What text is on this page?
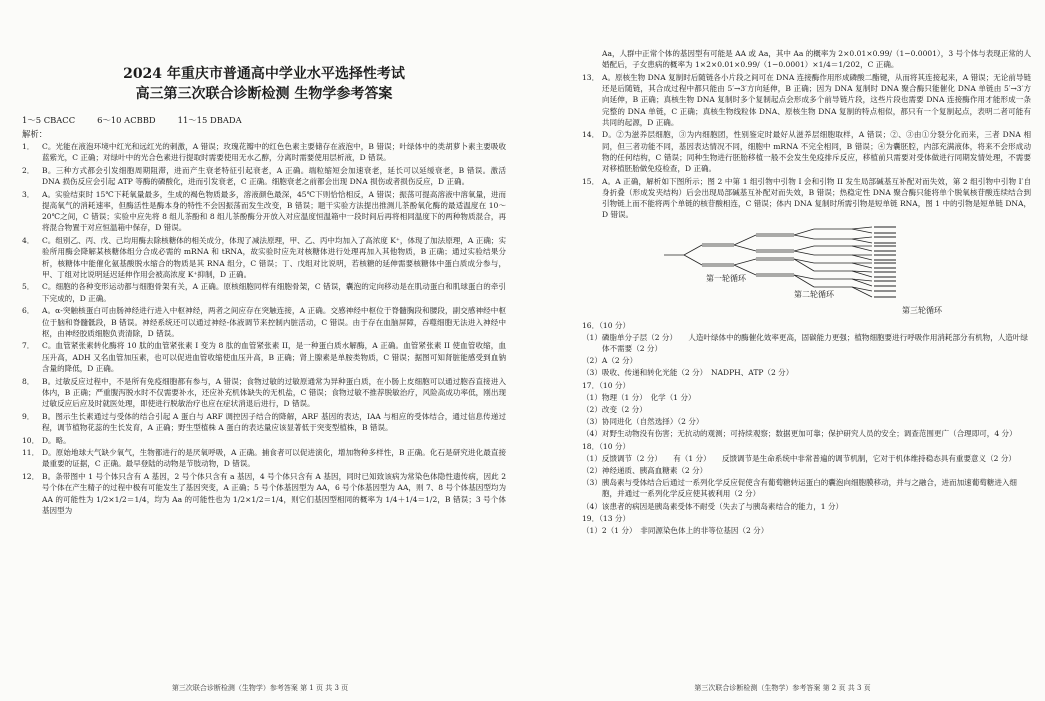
2024 年重庆市普通高中学业水平选择性考试

高三第三次联合诊断检测 生物学参考答案

1～5 CBACC	6～10 ACBBD	11～15 DBADA
解析：
1．	C。光能在液泡环境中红光和远红光的刺激，A 错误；玫瑰花瓣中的红色色素主要储存在液泡中，B 错误；叶绿体中的类胡萝卜素主要吸收蓝紫光，C 正确；对绿叶中的光合色素进行提取时需要使用无水乙醇，分离时需要使用层析液，D 错误。
2．	B。三种方式都会引发细胞周期阻滞，进而产生衰老特征引起衰老，A 正确。端粒缩短会加速衰老，延长可以延缓衰老，B 错误。激活 DNA 损伤反应会引起 ATP 等酶的磷酸化，进而引发衰老，C 正确。细胞衰老之前都会出现 DNA 损伤或者损伤反应，D 正确。
3．	A。实验结束时 15℃下耗氧量最多，生成的褐色物质最多，溶液颜色最深，45℃下则恰恰相反，A 错误；振荡可提高溶液中溶氧量，进而提高氧气的消耗速率，但酶活性是酶本身的特性不会因振荡而发生改变，B 错误；题干实验方法提出推测儿茶酚氧化酶的最适温度在 10～20℃之间，C 错误；实验中应先将 8 组儿茶酚和 8 组儿茶酚酶分开放入对应温度恒温箱中一段时间后再将相同温度下的两种物质混合，再将混合物置于对应恒温箱中保存，D 错误。
4．	C。组别乙、丙、戊、己均用酶去除核糖体的相关成分，体现了减法原理，甲、乙、丙中均加入了高浓度 K⁺，体现了加法原理，A 正确；实验所用酶会降解某核糖体组分合成必需的 mRNA 和 tRNA，故实验时应先对核糖体进行处理再加入其他物质，B 正确；通过实验结果分析，核糖体中能催化氨基酸脱水缩合的物质是其 RNA 组分，C 错误；丁、戊组对比说明，若核糖的延伸需要核糖体中蛋白质成分参与，甲、丁组对比说明延迟延伸作用会被高浓度 K⁺抑制，D 正确。
5．	C。细胞的各种变形运动都与细胞骨架有关，A 正确。原核细胞同样有细胞骨架，C 错误，囊泡的定向移动是在肌动蛋白和肌球蛋白的牵引下完成的，D 正确。
6．	A。α-突触核蛋白可由肠神经进行进入中枢神经，两者之间应存在突触连接，A 正确。交感神经中枢位于脊髓胸段和腰段，副交感神经中枢位于脑和脊髓骶段，B 错误。神经系统还可以通过神经-体液调节来控制内脏活动，C 错误。由于存在血脑屏障，吞噬细胞无法进入神经中枢，由神经胶质细胞负责清除，D 错误。
7．	C。血管紧张素转化酶将 10 肽的血管紧张素 I 变为 8 肽的血管紧张素 II，是一种蛋白质水解酶，A 正确。血管紧张素 II 使血管收缩，血压升高，ADH 又名血管加压素，也可以促进血管收缩使血压升高，B 正确；肾上腺素是单胺类物质，C 错误；据图可知肾脏能感受到血钠含量的降低，D 正确。
8．	B。过敏反应过程中，不是所有免疫细胞都有参与，A 错误；食物过敏的过敏原通常为异种蛋白质，在小肠上皮细胞可以通过胞吞直接进入体内，B 正确；严重腹泻脱水时不仅需要补水，还应补充机体缺失的无机盐，C 错误；食物过敏不推荐脱敏治疗，风险高成功率低，刚出现过敏反应后应及时就医处理，即使进行脱敏治疗也应在症状消退后进行，D 错误。
9．	B。图示生长素通过与受体的结合引起 A 蛋白与 ARF 调控因子结合的降解，ARF 基因的表达，IAA 与相应的受体结合，通过信息传递过程，调节植物花蕊的生长发育，A 正确；野生型植株 A 蛋白的表达量应该显著低于突变型植株，B 错误。
10． D。略。
11． D。原始地球大气缺少氧气，生物都进行的是厌氧呼吸，A 正确。捕食者可以促进演化，增加物种多样性，B 正确。化石是研究进化最直接最重要的证据，C 正确。最早登陆的动物是节肢动物，D 错误。
12． B。条带图中 1 号个体只含有 A 基因，2 号个体只含有 a 基因，4 号个体只含有 A 基因，同时已知致该病为常染色体隐性遗传病，因此 2 号个体在产生精子的过程中极有可能发生了基因突变，A 正确；5 号个体基因型为 AA，6 号个体基因型为 AA，则 7、8 号个体基因型均为 AA 的可能性为 1/2×1/2＝1/4，均为 Aa 的可能性也为 1/2×1/2＝1/4，则它们基因型相同的概率为 1/4＋1/4＝1/2，B 错误；3 号个体基因型为
第三次联合诊断检测（生物学）参考答案 第 1 页 共 3 页
Aa，人群中正常个体的基因型有可能是 AA 或 Aa，其中 Aa 的概率为 2×0.01×0.99/（1−0.0001），3 号个体与表现正常的人婚配后，子女患病的概率为 1×2×0.01×0.99/（1−0.0001）×1/4＝1/202，C 正确。
13． A。原核生物 DNA 复制时后随链各小片段之间可在 DNA 连接酶作用形成磷酸二酯键，从而将其连接起来，A 错误；无论前导链还是后随链，其合成过程中都只能由 5′→3′方向延伸，B 正确；因为 DNA 复制时 DNA 聚合酶只能催化 DNA 单链由 5′→3′方向延伸，B 正确；真核生物 DNA 复制时多个复制起点会形成多个前导链片段，这些片段也需要 DNA 连接酶作用才能形成一条完整的 DNA 单链，C 正确；真核生物线粒体 DNA、原核生物 DNA 复制的特点相似，都只有一个复制起点，表明二者可能有共同的起源，D 正确。
14． D。②为滋养层细胞，③为内细胞团，性别鉴定时最好从滋养层细胞取样，A 错误；②、③由①分裂分化而来，三者 DNA 相同，但三者功能不同，基因表达情况不同，细胞中 mRNA 不完全相同，B 错误；④为囊胚腔，内部充满液体，将来不会形成动物的任何结构，C 错误；同种生物进行胚胎移植一般不会发生免疫排斥反应，移植前只需要对受体做进行同期发情处理，不需要对移植胚胎做免疫检查，D 正确。
15． A。A 正确，解析如下图所示；图 2 中第 1 组引物中引物 I 会和引物 II 发生局部碱基互补配对而失效，第 2 组引物中引物 I′自身折叠（形成发夹结构）后会出现局部碱基互补配对而失效，B 错误；热稳定性 DNA 聚合酶只能将单个脱氧核苷酸连续结合到引物链上而不能将两个单链的核苷酸相连，C 错误；体内 DNA 复制时所需引物是短单链 RNA，图 1 中的引物是短单链 DNA，D 错误。
第一轮循环
第二轮循环
第三轮循环

16．（10 分）

（1）磷脂单分子层（2 分）　　人造叶绿体中的酶催化效率更高，固碳能力更强；植物细胞要进行呼吸作用消耗部分有机物，人造叶绿体不需要（2 分）

（2）A（2 分）

（3）吸收、传递和转化光能（2 分）　NADPH、ATP（2 分）

17．（10 分）

（1）物理（1 分）　化学（1 分）

（2）改变（2 分）

（3）协同进化（自然选择）（2 分）

（4）对野生动物没有伤害；无抗动的观测；可持续观察；数据更加可靠；保护研究人员的安全；调查范围更广（合理即可，4 分）

18．（10 分）

（1）反馈调节（2 分）　　有（1 分）　　反馈调节是生命系统中非常普遍的调节机制，它对于机体维持稳态具有重要意义（2 分）

（2）神经递质、胰高血糖素（2 分）

（3）胰岛素与受体结合后通过一系列化学反应促使含有葡萄糖转运蛋白的囊泡向细胞膜移动，并与之融合，进而加速葡萄糖进入细胞，并通过一系列化学反应使其被利用（2 分）

（4）该患者的病因是胰岛素受体不耐受（失去了与胰岛素结合的能力，1 分）

19．（13 分）

（1）2（1 分）　非同源染色体上的非等位基因（2 分）

第三次联合诊断检测（生物学）参考答案 第 2 页 共 3 页
